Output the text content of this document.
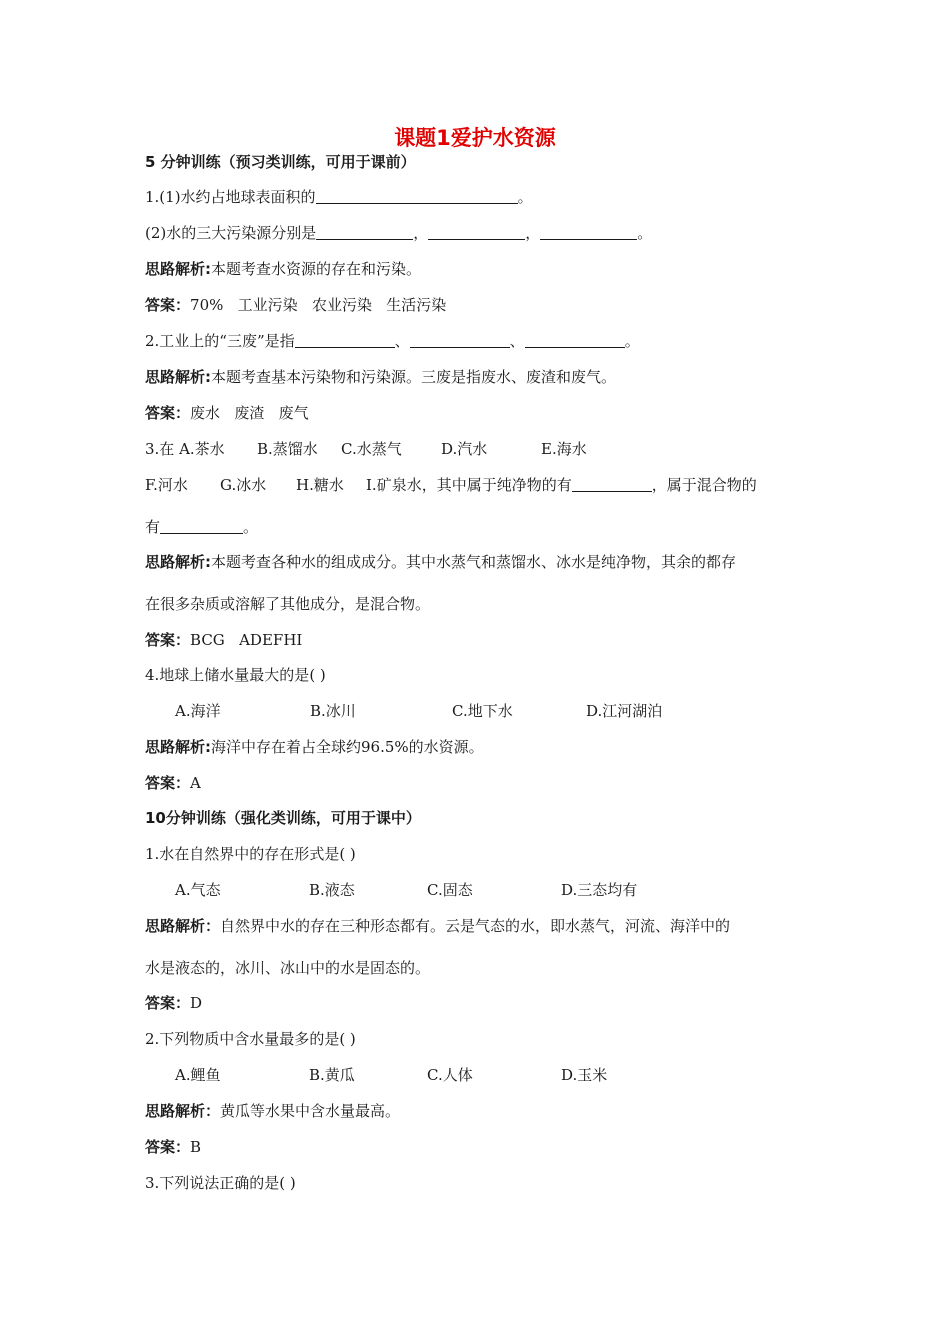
课题1爱护水资源
5 分钟训练（预习类训练，可用于课前）
1.(1)水约占地球表面积的	。
(2)水的三大污染源分别是	，	，	。
思路解析:本题考查水资源的存在和污染。
答案：70%   工业污染   农业污染   生活污染
2.工业上的“三废”是指	、	、	。
思路解析:本题考查基本污染物和污染源。三废是指废水、废渣和废气。
答案：废水   废渣   废气
3.在 A.茶水 B.蒸馏水 C.水蒸气	D.汽水	E.海水
F.河水 G.冰水 H.糖水 I.矿泉水，其中属于纯净物的有	，属于混合物的
有	。
思路解析:本题考查各种水的组成成分。其中水蒸气和蒸馏水、冰水是纯净物，其余的都存
在很多杂质或溶解了其他成分，是混合物。
答案：BCG   ADEFHI
4.地球上储水量最大的是( )
A.海洋	B.冰川	C.地下水	D.江河湖泊
思路解析:海洋中存在着占全球约96.5%的水资源。
答案：A
10分钟训练（强化类训练，可用于课中）
1.水在自然界中的存在形式是( )
A.气态	B.液态	C.固态	D.三态均有
思路解析：自然界中水的存在三种形态都有。云是气态的水，即水蒸气，河流、海洋中的
水是液态的，冰川、冰山中的水是固态的。
答案：D
2.下列物质中含水量最多的是( )
A.鲤鱼	B.黄瓜	C.人体	D.玉米
思路解析：黄瓜等水果中含水量最高。
答案：B
3.下列说法正确的是( )
